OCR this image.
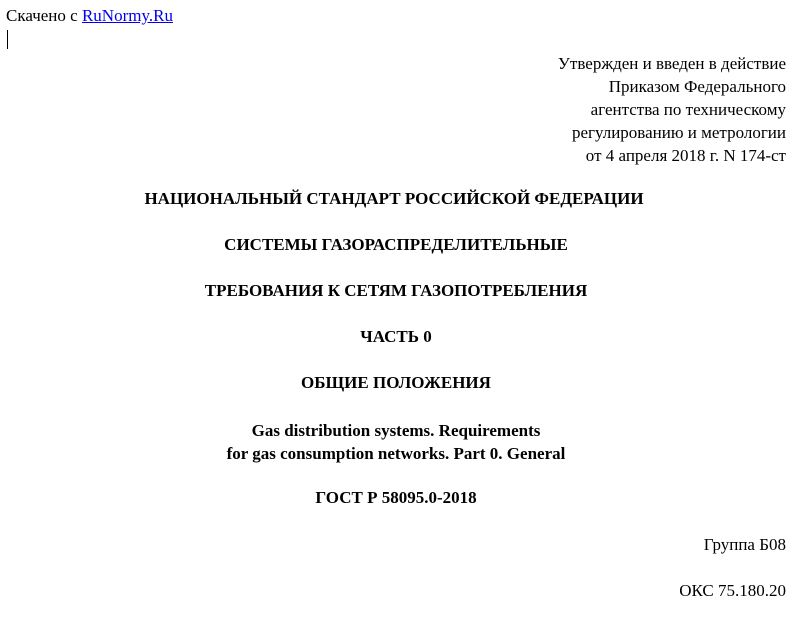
Скачено с RuNormy.Ru
Утвержден и введен в действие
Приказом Федерального
агентства по техническому
регулированию и метрологии
от 4 апреля 2018 г. N 174-ст
НАЦИОНАЛЬНЫЙ СТАНДАРТ РОССИЙСКОЙ ФЕДЕРАЦИИ
СИСТЕМЫ ГАЗОРАСПРЕДЕЛИТЕЛЬНЫЕ
ТРЕБОВАНИЯ К СЕТЯМ ГАЗОПОТРЕБЛЕНИЯ
ЧАСТЬ 0
ОБЩИЕ ПОЛОЖЕНИЯ
Gas distribution systems. Requirements
for gas consumption networks. Part 0. General
ГОСТ Р 58095.0-2018
Группа Б08
ОКС 75.180.20
